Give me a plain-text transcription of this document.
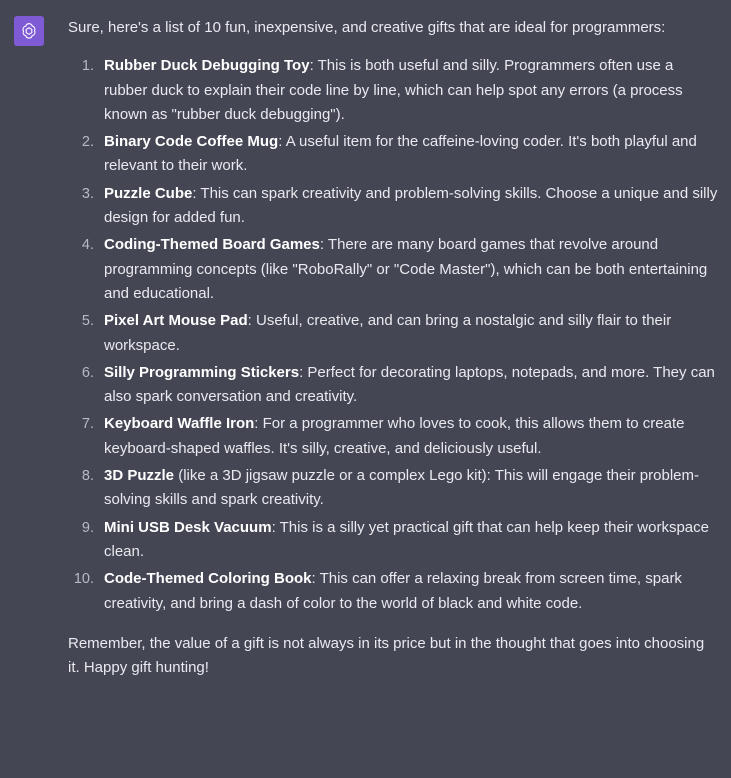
Sure, here's a list of 10 fun, inexpensive, and creative gifts that are ideal for programmers:

1. Rubber Duck Debugging Toy: This is both useful and silly. Programmers often use a rubber duck to explain their code line by line, which can help spot any errors (a process known as "rubber duck debugging").
2. Binary Code Coffee Mug: A useful item for the caffeine-loving coder. It's both playful and relevant to their work.
3. Puzzle Cube: This can spark creativity and problem-solving skills. Choose a unique and silly design for added fun.
4. Coding-Themed Board Games: There are many board games that revolve around programming concepts (like "RoboRally" or "Code Master"), which can be both entertaining and educational.
5. Pixel Art Mouse Pad: Useful, creative, and can bring a nostalgic and silly flair to their workspace.
6. Silly Programming Stickers: Perfect for decorating laptops, notepads, and more. They can also spark conversation and creativity.
7. Keyboard Waffle Iron: For a programmer who loves to cook, this allows them to create keyboard-shaped waffles. It's silly, creative, and deliciously useful.
8. 3D Puzzle (like a 3D jigsaw puzzle or a complex Lego kit): This will engage their problem-solving skills and spark creativity.
9. Mini USB Desk Vacuum: This is a silly yet practical gift that can help keep their workspace clean.
10. Code-Themed Coloring Book: This can offer a relaxing break from screen time, spark creativity, and bring a dash of color to the world of black and white code.

Remember, the value of a gift is not always in its price but in the thought that goes into choosing it. Happy gift hunting!
